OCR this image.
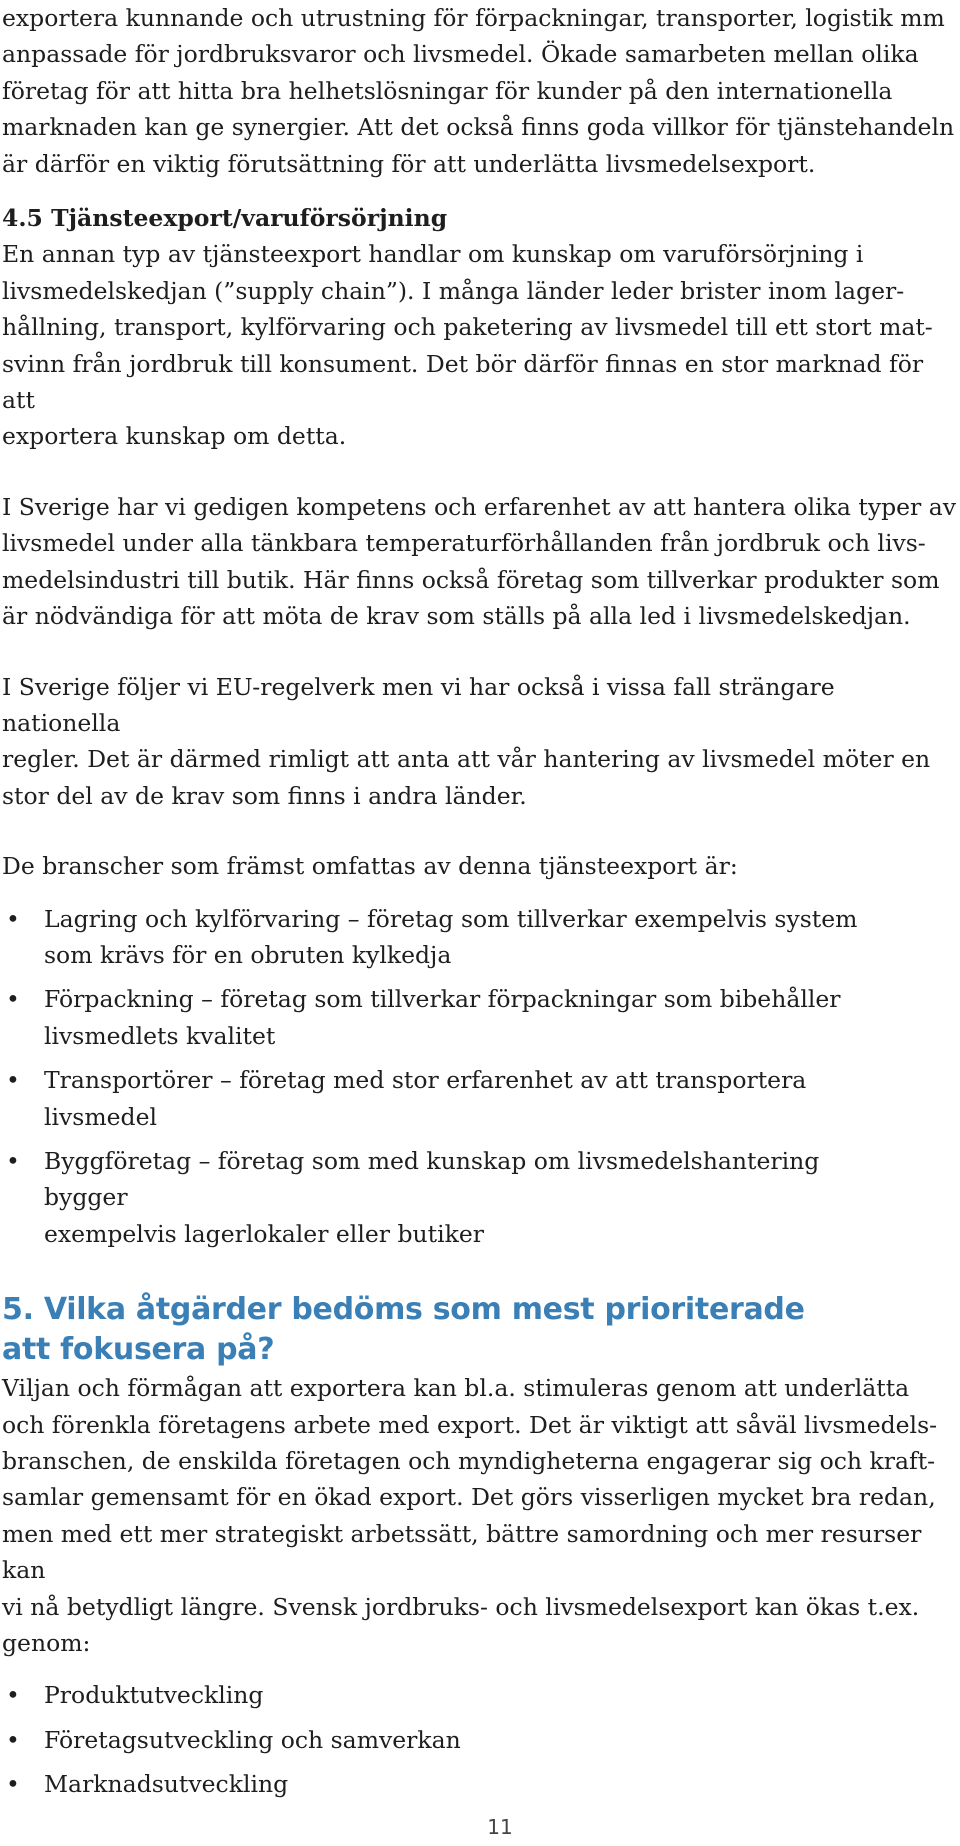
exportera kunnande och utrustning för förpackningar, transporter, logistik mm
anpassade för jordbruksvaror och livsmedel. Ökade samarbeten mellan olika
företag för att hitta bra helhetslösningar för kunder på den internationella
marknaden kan ge synergier. Att det också finns goda villkor för tjänstehandeln
är därför en viktig förutsättning för att underlätta livsmedelsexport.

4.5 Tjänsteexport/varuförsörjning

En annan typ av tjänsteexport handlar om kunskap om varuförsörjning i
livsmedelskedjan (”supply chain”). I många länder leder brister inom lager-
hållning, transport, kylförvaring och paketering av livsmedel till ett stort mat-
svinn från jordbruk till konsument. Det bör därför finnas en stor marknad för att
exportera kunskap om detta.

I Sverige har vi gedigen kompetens och erfarenhet av att hantera olika typer av
livsmedel under alla tänkbara temperaturförhållanden från jordbruk och livs-
medelsindustri till butik. Här finns också företag som tillverkar produkter som
är nödvändiga för att möta de krav som ställs på alla led i livsmedelskedjan.

I Sverige följer vi EU-regelverk men vi har också i vissa fall strängare nationella
regler. Det är därmed rimligt att anta att vår hantering av livsmedel möter en
stor del av de krav som finns i andra länder.

De branscher som främst omfattas av denna tjänsteexport är:

• Lagring och kylförvaring – företag som tillverkar exempelvis system
som krävs för en obruten kylkedja
• Förpackning – företag som tillverkar förpackningar som bibehåller
livsmedlets kvalitet
• Transportörer – företag med stor erfarenhet av att transportera livsmedel
• Byggföretag – företag som med kunskap om livsmedelshantering bygger
exempelvis lagerlokaler eller butiker
5. Vilka åtgärder bedöms som mest prioriterade
att fokusera på?

Viljan och förmågan att exportera kan bl.a. stimuleras genom att underlätta
och förenkla företagens arbete med export. Det är viktigt att såväl livsmedels-
branschen, de enskilda företagen och myndigheterna engagerar sig och kraft-
samlar gemensamt för en ökad export. Det görs visserligen mycket bra redan,
men med ett mer strategiskt arbetssätt, bättre samordning och mer resurser kan
vi nå betydligt längre. Svensk jordbruks- och livsmedelsexport kan ökas t.ex.
genom:

• Produktutveckling
• Företagsutveckling och samverkan
• Marknadsutveckling
11
